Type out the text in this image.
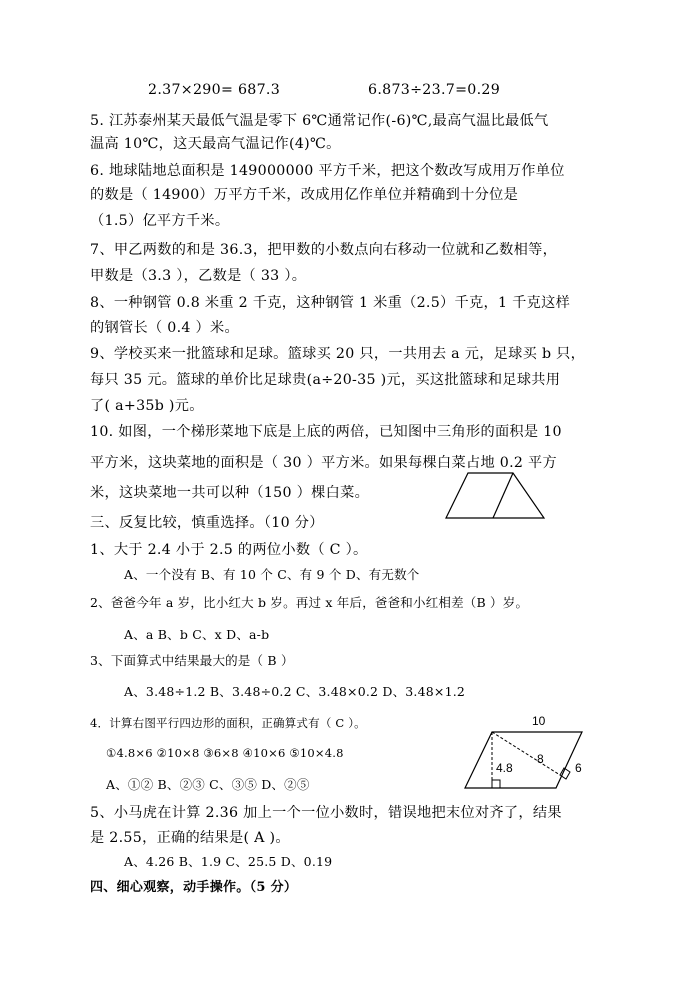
2.37×290= 687.3	6.873÷23.7=0.29
5. 江苏泰州某天最低气温是零下 6℃通常记作(-6)℃,最高气温比最低气
温高 10℃，这天最高气温记作(4)℃。
6. 地球陆地总面积是 149000000 平方千米，把这个数改写成用万作单位
的数是（ 14900）万平方千米，改成用亿作单位并精确到十分位是
（1.5）亿平方千米。
7、甲乙两数的和是 36.3，把甲数的小数点向右移动一位就和乙数相等，
甲数是（3.3 ），乙数是（ 33 ）。
8、一种钢管 0.8 米重 2 千克，这种钢管 1 米重（2.5）千克，1 千克这样
的钢管长（ 0.4 ）米。
9、学校买来一批篮球和足球。篮球买 20 只，一共用去 a 元，足球买 b 只，
每只 35 元。篮球的单价比足球贵(a÷20-35 )元，买这批篮球和足球共用
了( a+35b )元。
10. 如图，一个梯形菜地下底是上底的两倍，已知图中三角形的面积是 10
平方米，这块菜地的面积是（ 30 ）平方米。如果每棵白菜占地 0.2 平方
米，这块菜地一共可以种（150 ）棵白菜。
三、反复比较，慎重选择。（10 分）
1、大于 2.4 小于 2.5 的两位小数（ C ）。
A、一个没有 B、有 10 个 C、有 9 个 D、有无数个
2、爸爸今年 a 岁，比小红大 b 岁。再过 x 年后，爸爸和小红相差（B ）岁。
A、a B、b C、x D、a-b
3、下面算式中结果最大的是（ B ）
A、3.48÷1.2 B、3.48÷0.2 C、3.48×0.2 D、3.48×1.2
4．计算右图平行四边形的面积，正确算式有（ C ）。
①4.8×6 ②10×8 ③6×8 ④10×6 ⑤10×4.8
A、①② B、②③ C、③⑤ D、②⑤
10
4.8
8
6
5、小马虎在计算 2.36 加上一个一位小数时，错误地把末位对齐了，结果
是 2.55，正确的结果是( A )。
A、4.26 B、1.9 C、25.5 D、0.19
四、细心观察，动手操作。（5 分）
